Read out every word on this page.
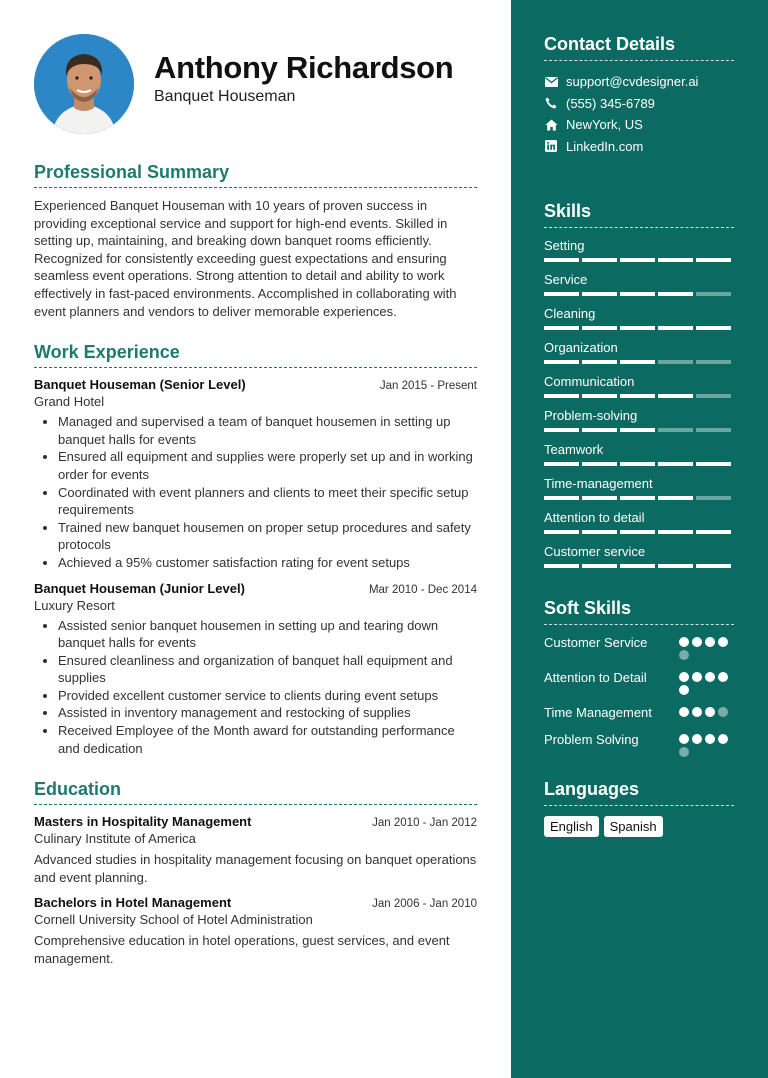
Anthony Richardson
Banquet Houseman
Professional Summary

Experienced Banquet Houseman with 10 years of proven success in providing exceptional service and support for high-end events. Skilled in setting up, maintaining, and breaking down banquet rooms efficiently. Recognized for consistently exceeding guest expectations and ensuring seamless event operations. Strong attention to detail and ability to work effectively in fast-paced environments. Accomplished in collaborating with event planners and vendors to deliver memorable experiences.

Work Experience
Banquet Houseman (Senior Level)	Jan 2015 - Present
Grand Hotel
• Managed and supervised a team of banquet housemen in setting up banquet halls for events
• Ensured all equipment and supplies were properly set up and in working order for events
• Coordinated with event planners and clients to meet their specific setup requirements
• Trained new banquet housemen on proper setup procedures and safety protocols
• Achieved a 95% customer satisfaction rating for event setups
Banquet Houseman (Junior Level)	Mar 2010 - Dec 2014
Luxury Resort
• Assisted senior banquet housemen in setting up and tearing down banquet halls for events
• Ensured cleanliness and organization of banquet hall equipment and supplies
• Provided excellent customer service to clients during event setups
• Assisted in inventory management and restocking of supplies
• Received Employee of the Month award for outstanding performance and dedication
Education
Masters in Hospitality Management	Jan 2010 - Jan 2012
Culinary Institute of America

Advanced studies in hospitality management focusing on banquet operations and event planning.

Bachelors in Hotel Management	Jan 2006 - Jan 2010
Cornell University School of Hotel Administration

Comprehensive education in hotel operations, guest services, and event management.

Contact Details
support@cvdesigner.ai
(555) 345-6789
NewYork, US
LinkedIn.com
Skills
Setting
Service
Cleaning
Organization
Communication
Problem-solving
Teamwork
Time-management
Attention to detail
Customer service
Soft Skills
Customer Service
Attention to Detail
Time Management
Problem Solving
Languages
English	Spanish
